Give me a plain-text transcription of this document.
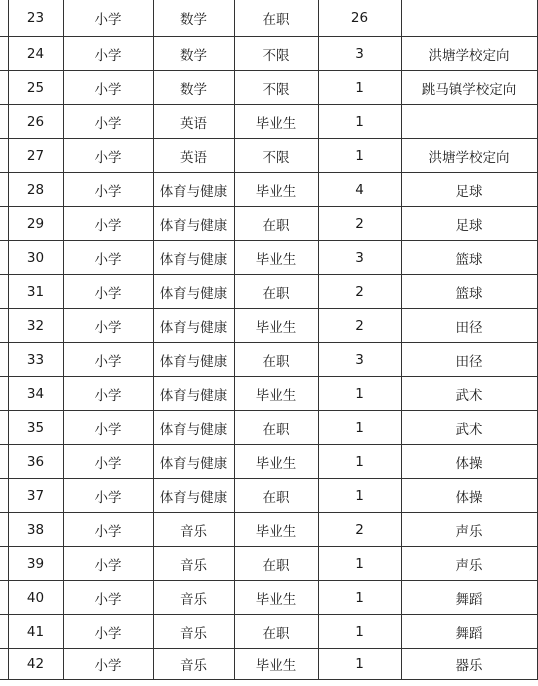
	23	小学	数学	在职	26	
	24	小学	数学	不限	3	洪塘学校定向
	25	小学	数学	不限	1	跳马镇学校定向
	26	小学	英语	毕业生	1	
	27	小学	英语	不限	1	洪塘学校定向
	28	小学	体育与健康	毕业生	4	足球
	29	小学	体育与健康	在职	2	足球
	30	小学	体育与健康	毕业生	3	篮球
	31	小学	体育与健康	在职	2	篮球
	32	小学	体育与健康	毕业生	2	田径
	33	小学	体育与健康	在职	3	田径
	34	小学	体育与健康	毕业生	1	武术
	35	小学	体育与健康	在职	1	武术
	36	小学	体育与健康	毕业生	1	体操
	37	小学	体育与健康	在职	1	体操
	38	小学	音乐	毕业生	2	声乐
	39	小学	音乐	在职	1	声乐
	40	小学	音乐	毕业生	1	舞蹈
	41	小学	音乐	在职	1	舞蹈
	42	小学	音乐	毕业生	1	器乐
